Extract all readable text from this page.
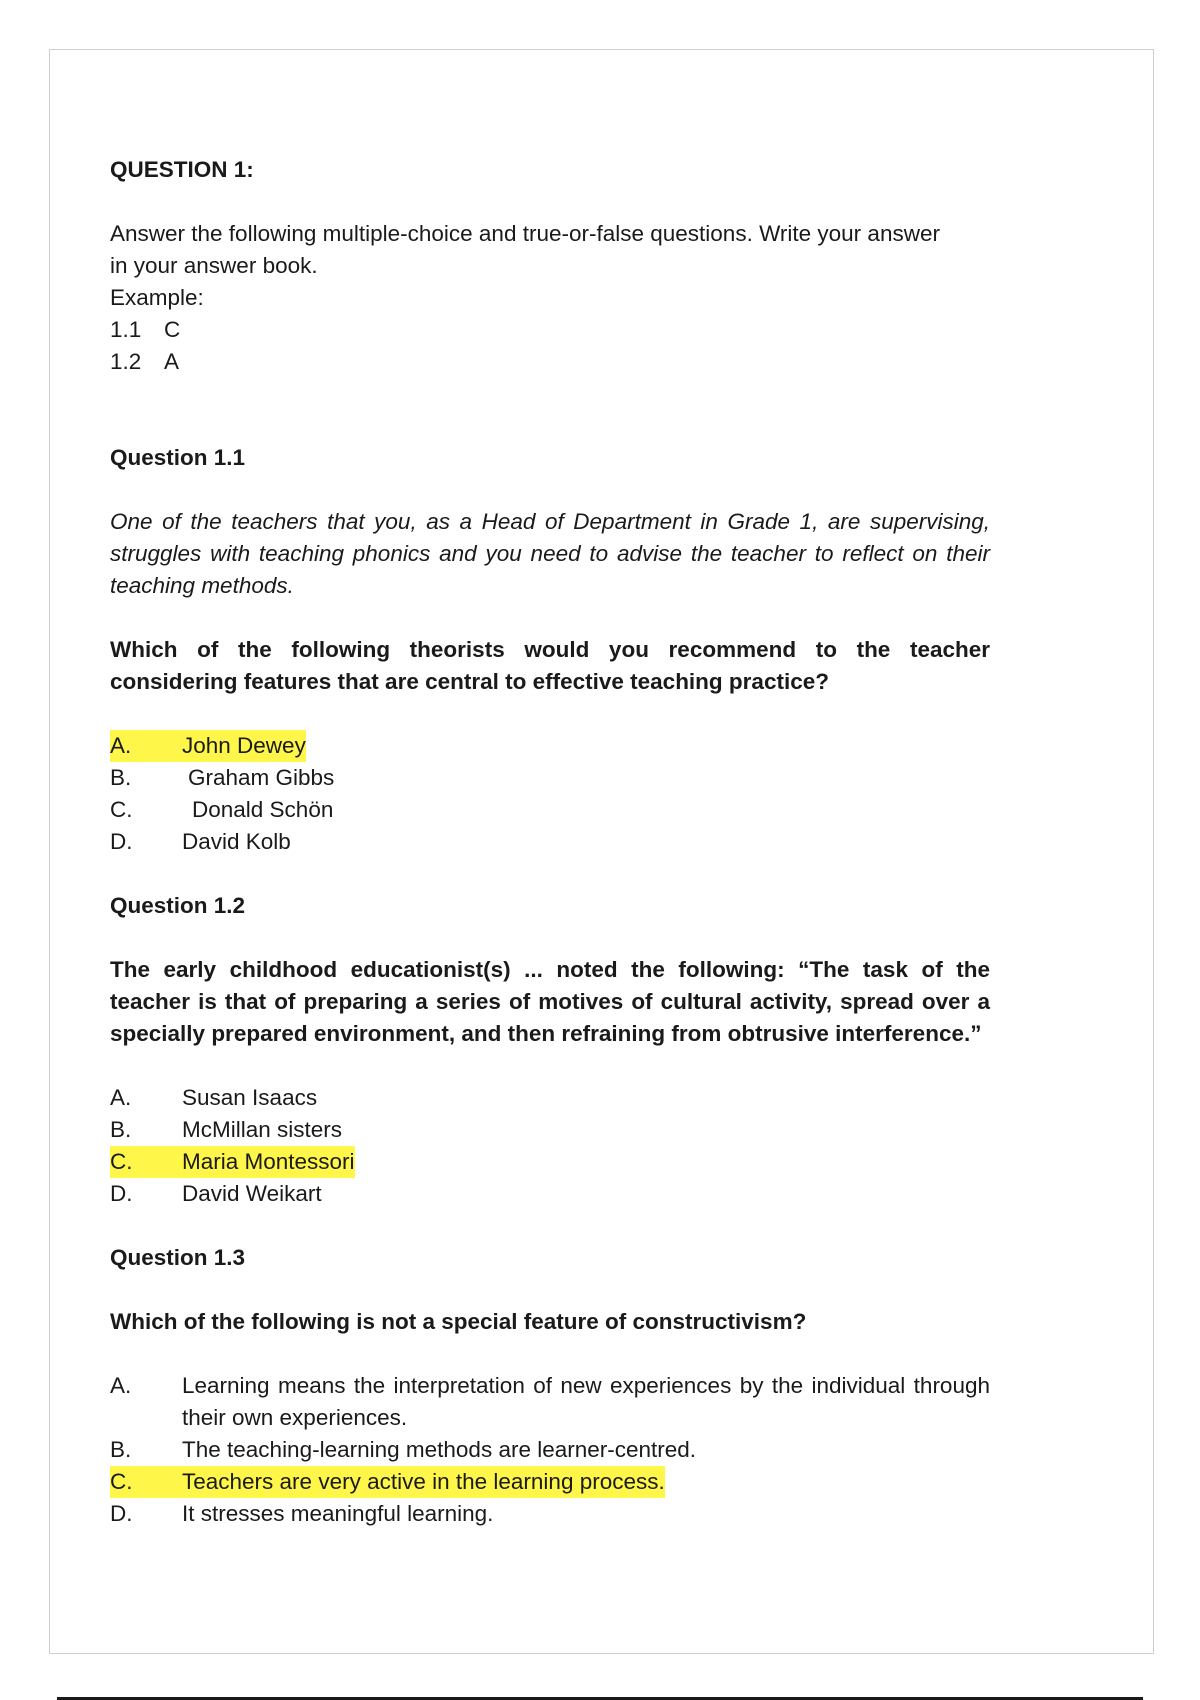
QUESTION 1:

Answer the following multiple-choice and true-or-false questions. Write your answer

in your answer book.

Example:

1.1	C
1.2	A

Question 1.1

One of the teachers that you, as a Head of Department in Grade 1, are supervising, struggles with teaching phonics and you need to advise the teacher to reflect on their teaching methods.

Which of the following theorists would you recommend to the teacher considering features that are central to effective teaching practice?

A.	John Dewey
B.	Graham Gibbs
C.	Donald Schön
D.	David Kolb

Question 1.2

The early childhood educationist(s) ... noted the following: “The task of the teacher is that of preparing a series of motives of cultural activity, spread over a specially prepared environment, and then refraining from obtrusive interference.”

A.	Susan Isaacs
B.	McMillan sisters
C.	Maria Montessori
D.	David Weikart

Question 1.3

Which of the following is not a special feature of constructivism?

A.	Learning means the interpretation of new experiences by the individual through their own experiences.
B.	The teaching-learning methods are learner-centred.
C.	Teachers are very active in the learning process.
D.	It stresses meaningful learning.
